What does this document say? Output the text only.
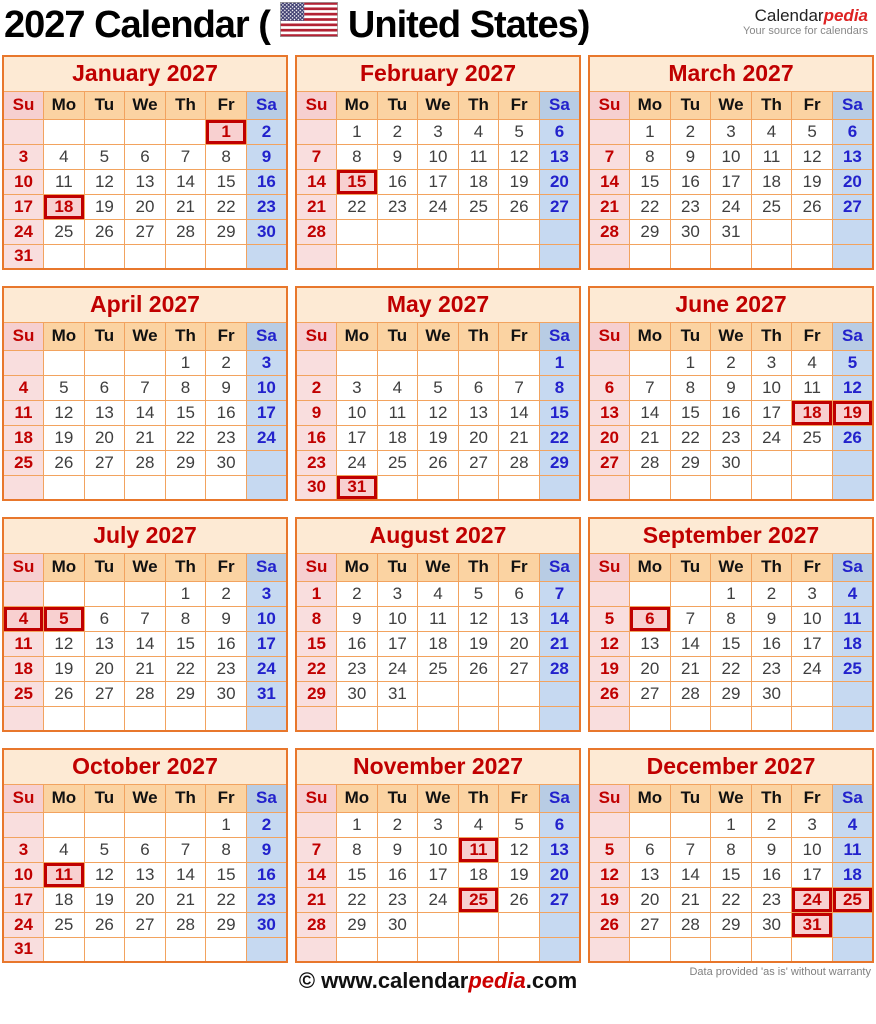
2027 Calendar ( United States)	Calendarpedia
Your source for calendars
January 2027						
Su	Mo	Tu	We	Th	Fr	Sa
					1	2
3	4	5	6	7	8	9
10	11	12	13	14	15	16
17	18	19	20	21	22	23
24	25	26	27	28	29	30
31						
February 2027						
Su	Mo	Tu	We	Th	Fr	Sa
	1	2	3	4	5	6
7	8	9	10	11	12	13
14	15	16	17	18	19	20
21	22	23	24	25	26	27
28						

March 2027						
Su	Mo	Tu	We	Th	Fr	Sa
	1	2	3	4	5	6
7	8	9	10	11	12	13
14	15	16	17	18	19	20
21	22	23	24	25	26	27
28	29	30	31			

April 2027						
Su	Mo	Tu	We	Th	Fr	Sa
				1	2	3
4	5	6	7	8	9	10
11	12	13	14	15	16	17
18	19	20	21	22	23	24
25	26	27	28	29	30	

May 2027						
Su	Mo	Tu	We	Th	Fr	Sa
						1
2	3	4	5	6	7	8
9	10	11	12	13	14	15
16	17	18	19	20	21	22
23	24	25	26	27	28	29
30	31					
June 2027						
Su	Mo	Tu	We	Th	Fr	Sa
		1	2	3	4	5
6	7	8	9	10	11	12
13	14	15	16	17	18	19
20	21	22	23	24	25	26
27	28	29	30			

July 2027						
Su	Mo	Tu	We	Th	Fr	Sa
				1	2	3
4	5	6	7	8	9	10
11	12	13	14	15	16	17
18	19	20	21	22	23	24
25	26	27	28	29	30	31

August 2027						
Su	Mo	Tu	We	Th	Fr	Sa
1	2	3	4	5	6	7
8	9	10	11	12	13	14
15	16	17	18	19	20	21
22	23	24	25	26	27	28
29	30	31				

September 2027						
Su	Mo	Tu	We	Th	Fr	Sa
			1	2	3	4
5	6	7	8	9	10	11
12	13	14	15	16	17	18
19	20	21	22	23	24	25
26	27	28	29	30		

October 2027						
Su	Mo	Tu	We	Th	Fr	Sa
					1	2
3	4	5	6	7	8	9
10	11	12	13	14	15	16
17	18	19	20	21	22	23
24	25	26	27	28	29	30
31						
November 2027						
Su	Mo	Tu	We	Th	Fr	Sa
	1	2	3	4	5	6
7	8	9	10	11	12	13
14	15	16	17	18	19	20
21	22	23	24	25	26	27
28	29	30				

December 2027						
Su	Mo	Tu	We	Th	Fr	Sa
			1	2	3	4
5	6	7	8	9	10	11
12	13	14	15	16	17	18
19	20	21	22	23	24	25
26	27	28	29	30	31	

Data provided 'as is' without warranty
© www.calendarpedia.com
